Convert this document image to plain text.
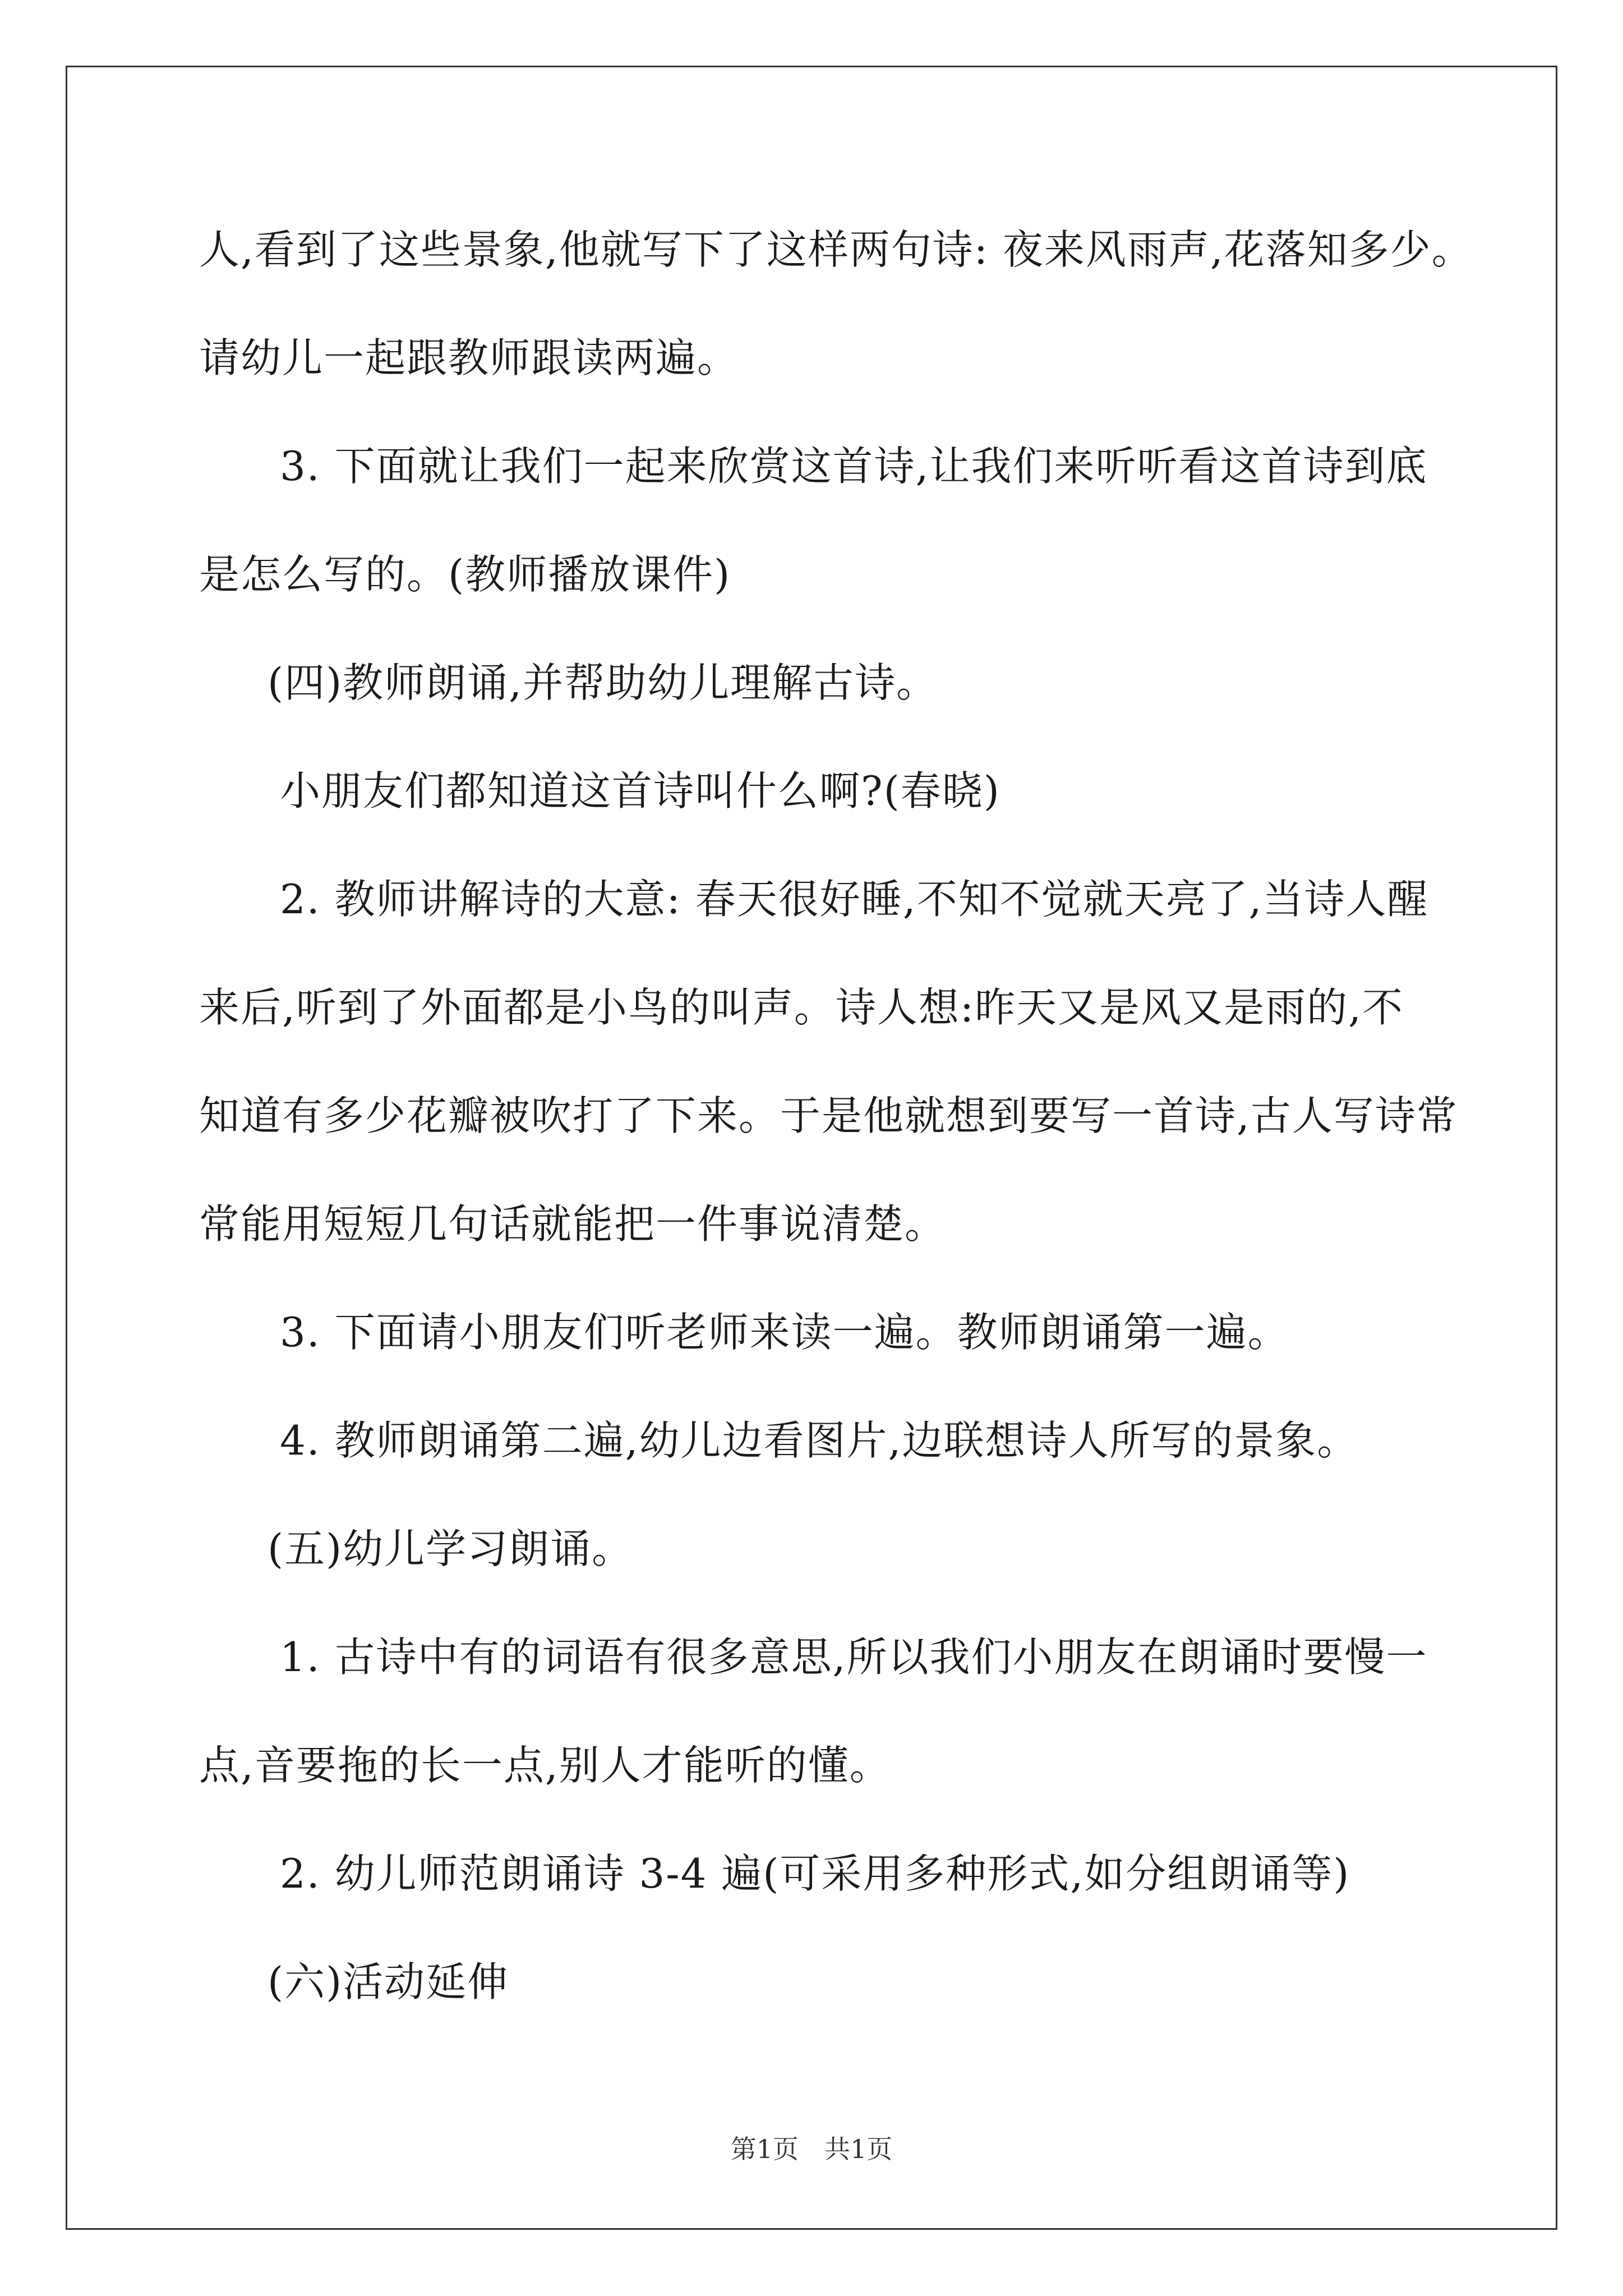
人,看到了这些景象,他就写下了这样两句诗: 夜来风雨声,花落知多少。

请幼儿一起跟教师跟读两遍。

3. 下面就让我们一起来欣赏这首诗,让我们来听听看这首诗到底

是怎么写的。(教师播放课件)

(四)教师朗诵,并帮助幼儿理解古诗。

小朋友们都知道这首诗叫什么啊?(春晓)

2. 教师讲解诗的大意: 春天很好睡,不知不觉就天亮了,当诗人醒

来后,听到了外面都是小鸟的叫声。诗人想:昨天又是风又是雨的,不

知道有多少花瓣被吹打了下来。于是他就想到要写一首诗,古人写诗常

常能用短短几句话就能把一件事说清楚。

3. 下面请小朋友们听老师来读一遍。教师朗诵第一遍。

4. 教师朗诵第二遍,幼儿边看图片,边联想诗人所写的景象。

(五)幼儿学习朗诵。

1. 古诗中有的词语有很多意思,所以我们小朋友在朗诵时要慢一

点,音要拖的长一点,别人才能听的懂。

2. 幼儿师范朗诵诗 3-4 遍(可采用多种形式,如分组朗诵等)

(六)活动延伸

第1页 共1页
